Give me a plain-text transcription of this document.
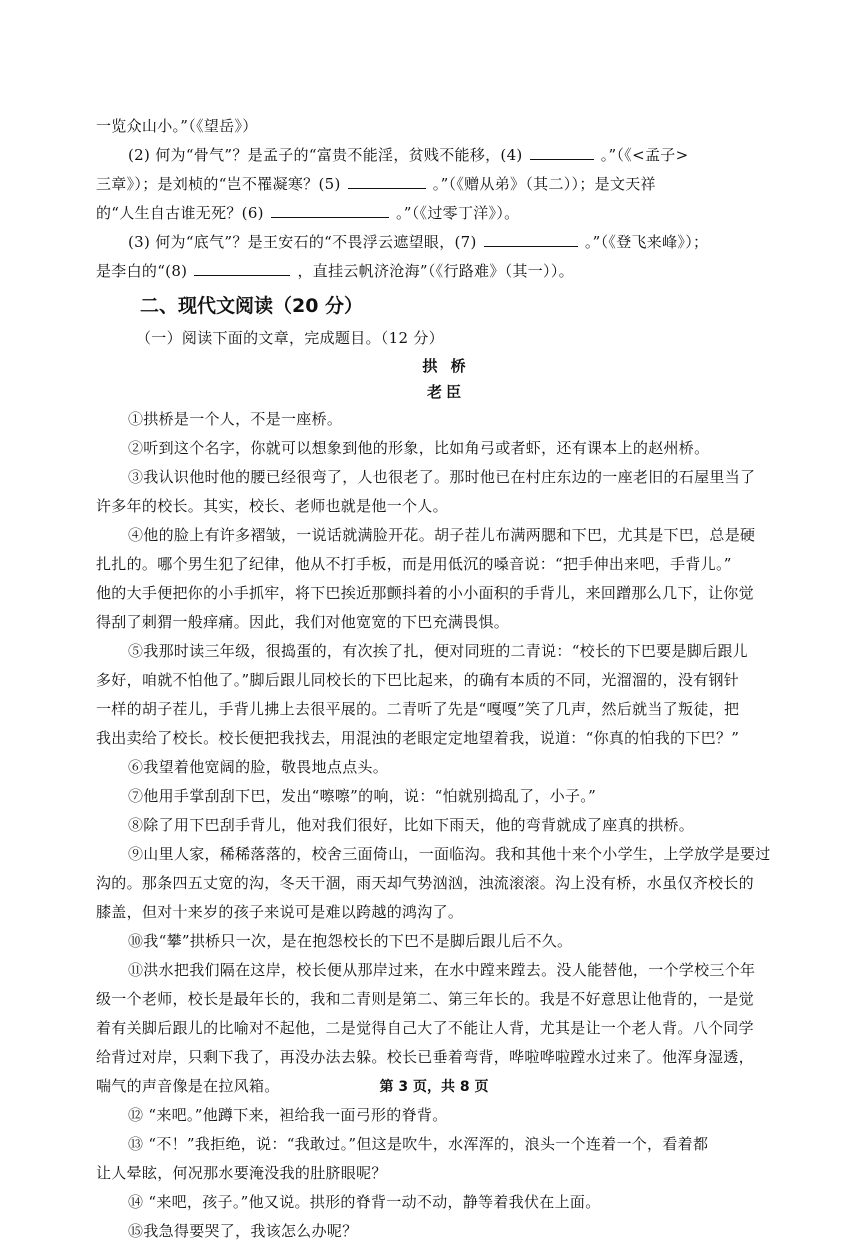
一览众山小。”（《望岳》）
(2) 何为“骨气”？是孟子的“富贵不能淫，贫贱不能移，(4)	。”（《<孟子>
三章》）；是刘桢的“岂不罹凝寒？(5)	。”（《赠从弟》（其二））；是文天祥
的“人生自古谁无死？(6)	。”（《过零丁洋》）。
(3) 何为“底气”？是王安石的“不畏浮云遮望眼，(7)	。”（《登飞来峰》）；
是李白的“(8)	，直挂云帆济沧海”（《行路难》（其一））。
二、现代文阅读（20 分）
（一）阅读下面的文章，完成题目。（12 分）
拱 桥
老臣
①拱桥是一个人，不是一座桥。
②听到这个名字，你就可以想象到他的形象，比如角弓或者虾，还有课本上的赵州桥。
③我认识他时他的腰已经很弯了，人也很老了。那时他已在村庄东边的一座老旧的石屋里当了
许多年的校长。其实，校长、老师也就是他一个人。
④他的脸上有许多褶皱，一说话就满脸开花。胡子茬儿布满两腮和下巴，尤其是下巴，总是硬
扎扎的。哪个男生犯了纪律，他从不打手板，而是用低沉的嗓音说：“把手伸出来吧，手背儿。”
他的大手便把你的小手抓牢，将下巴挨近那颤抖着的小小面积的手背儿，来回蹭那么几下，让你觉
得刮了刺猬一般痒痛。因此，我们对他宽宽的下巴充满畏惧。
⑤我那时读三年级，很捣蛋的，有次挨了扎，便对同班的二青说：“校长的下巴要是脚后跟儿
多好，咱就不怕他了。”脚后跟儿同校长的下巴比起来，的确有本质的不同，光溜溜的，没有钢针
一样的胡子茬儿，手背儿拂上去很平展的。二青听了先是“嘎嘎”笑了几声，然后就当了叛徒，把
我出卖给了校长。校长便把我找去，用混浊的老眼定定地望着我，说道：“你真的怕我的下巴？”
⑥我望着他宽阔的脸，敬畏地点点头。
⑦他用手掌刮刮下巴，发出“嚓嚓”的响，说：“怕就别捣乱了，小子。”
⑧除了用下巴刮手背儿，他对我们很好，比如下雨天，他的弯背就成了座真的拱桥。
⑨山里人家，稀稀落落的，校舍三面倚山，一面临沟。我和其他十来个小学生，上学放学是要过
沟的。那条四五丈宽的沟，冬天干涸，雨天却气势汹汹，浊流滚滚。沟上没有桥，水虽仅齐校长的
膝盖，但对十来岁的孩子来说可是难以跨越的鸿沟了。
⑩我“攀”拱桥只一次，是在抱怨校长的下巴不是脚后跟儿后不久。
⑪洪水把我们隔在这岸，校长便从那岸过来，在水中蹚来蹚去。没人能替他，一个学校三个年
级一个老师，校长是最年长的，我和二青则是第二、第三年长的。我是不好意思让他背的，一是觉
着有关脚后跟儿的比喻对不起他，二是觉得自己大了不能让人背，尤其是让一个老人背。八个同学
给背过对岸，只剩下我了，再没办法去躲。校长已垂着弯背，哗啦哗啦蹚水过来了。他浑身湿透，
喘气的声音像是在拉风箱。
⑫ “来吧。”他蹲下来，袒给我一面弓形的脊背。
⑬ “不！”我拒绝，说：“我敢过。”但这是吹牛，水浑浑的，浪头一个连着一个，看着都
让人晕眩，何况那水要淹没我的肚脐眼呢？
⑭ “来吧，孩子。”他又说。拱形的脊背一动不动，静等着我伏在上面。
⑮我急得要哭了，我该怎么办呢？
第 3 页，共 8 页
